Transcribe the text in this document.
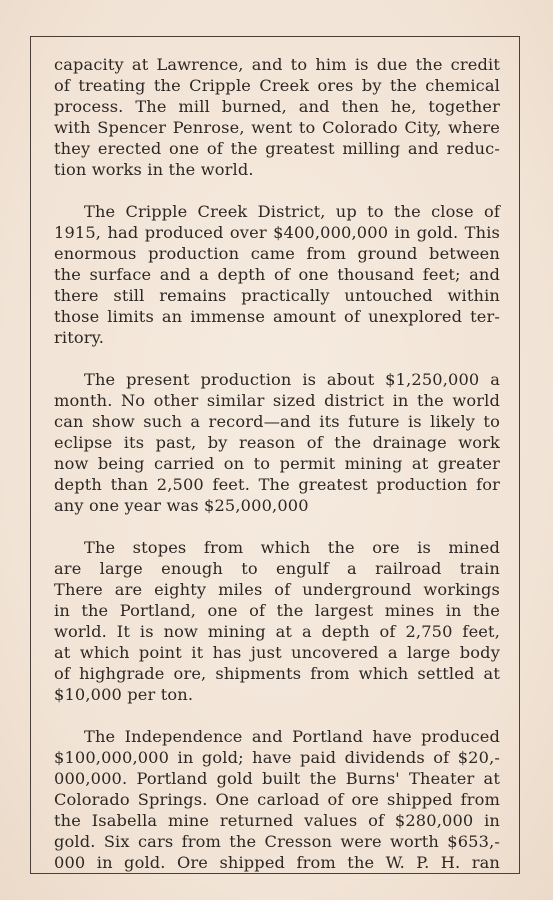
capacity at Lawrence, and to him is due the credit
of treating the Cripple Creek ores by the chemical
process. The mill burned, and then he, together
with Spencer Penrose, went to Colorado City, where
they erected one of the greatest milling and reduc-
tion works in the world.

The Cripple Creek District, up to the close of
1915, had produced over $400,000,000 in gold. This
enormous production came from ground between
the surface and a depth of one thousand feet; and
there still remains practically untouched within
those limits an immense amount of unexplored ter-
ritory.

The present production is about $1,250,000 a
month. No other similar sized district in the world
can show such a record—and its future is likely to
eclipse its past, by reason of the drainage work
now being carried on to permit mining at greater
depth than 2,500 feet. The greatest production for
any one year was $25,000,000

The stopes from which the ore is mined
are large enough to engulf a railroad train
There are eighty miles of underground workings
in the Portland, one of the largest mines in the
world. It is now mining at a depth of 2,750 feet,
at which point it has just uncovered a large body
of highgrade ore, shipments from which settled at
$10,000 per ton.

The Independence and Portland have produced
$100,000,000 in gold; have paid dividends of $20,-
000,000. Portland gold built the Burns' Theater at
Colorado Springs. One carload of ore shipped from
the Isabella mine returned values of $280,000 in
gold. Six cars from the Cresson were worth $653,-
000 in gold. Ore shipped from the W. P. H. ran
